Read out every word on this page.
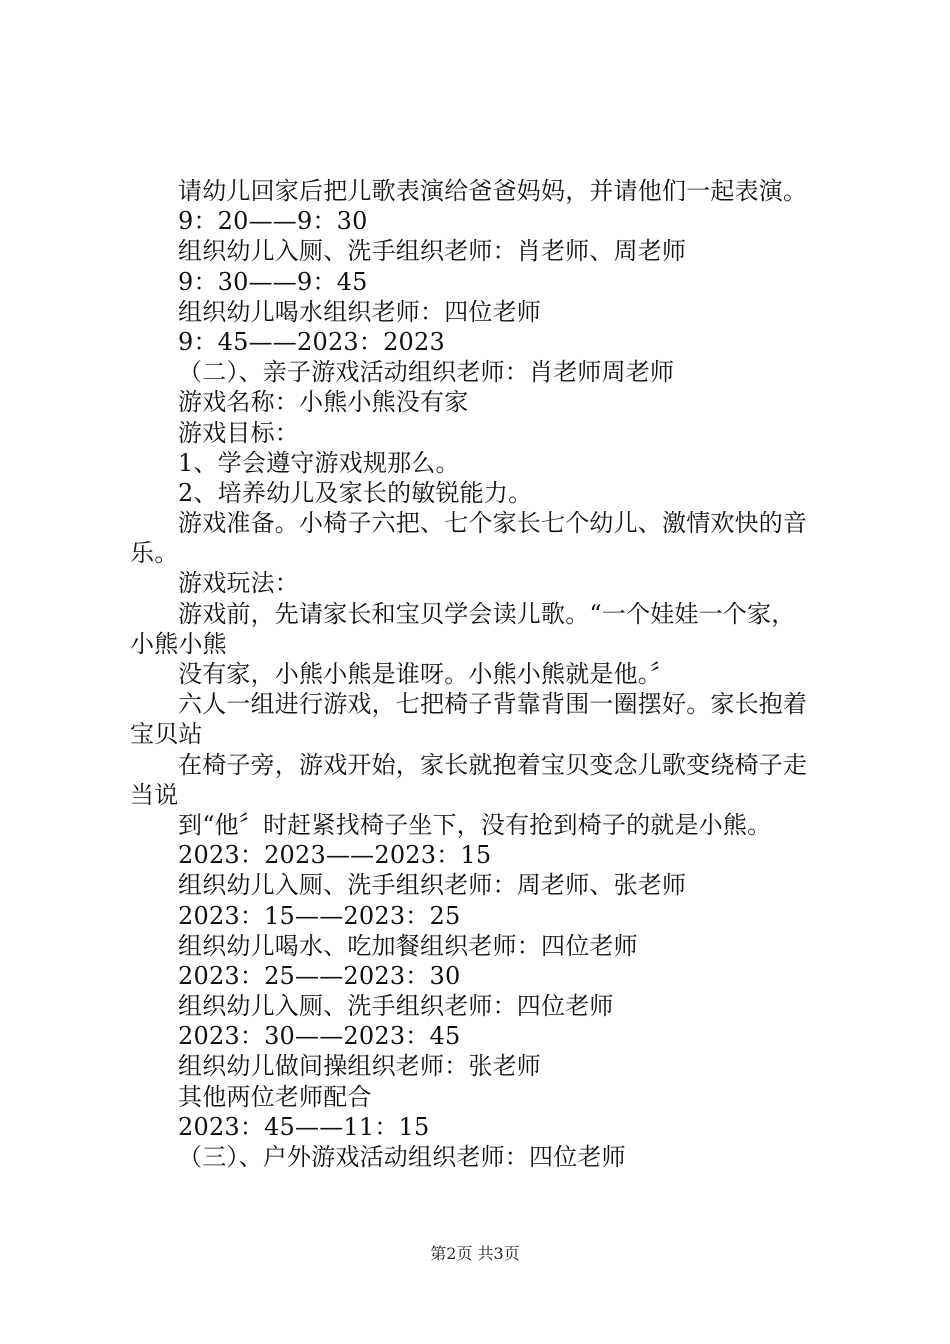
请幼儿回家后把儿歌表演给爸爸妈妈，并请他们一起表演。
9：20——9：30
组织幼儿入厕、洗手组织老师：肖老师、周老师
9：30——9：45
组织幼儿喝水组织老师：四位老师
9：45——2023：2023
（二）、亲子游戏活动组织老师：肖老师周老师
游戏名称：小熊小熊没有家
游戏目标：
1、学会遵守游戏规那么。
2、培养幼儿及家长的敏锐能力。
游戏准备。小椅子六把、七个家长七个幼儿、激情欢快的音
乐。
游戏玩法：
游戏前，先请家长和宝贝学会读儿歌。“一个娃娃一个家，
小熊小熊
没有家，小熊小熊是谁呀。小熊小熊就是他。〞
六人一组进行游戏，七把椅子背靠背围一圈摆好。家长抱着
宝贝站
在椅子旁，游戏开始，家长就抱着宝贝变念儿歌变绕椅子走
当说
到“他〞时赶紧找椅子坐下，没有抢到椅子的就是小熊。
2023：2023——2023：15
组织幼儿入厕、洗手组织老师：周老师、张老师
2023：15——2023：25
组织幼儿喝水、吃加餐组织老师：四位老师
2023：25——2023：30
组织幼儿入厕、洗手组织老师：四位老师
2023：30——2023：45
组织幼儿做间操组织老师：张老师
其他两位老师配合
2023：45——11：15
（三）、户外游戏活动组织老师：四位老师
第2页 共3页
